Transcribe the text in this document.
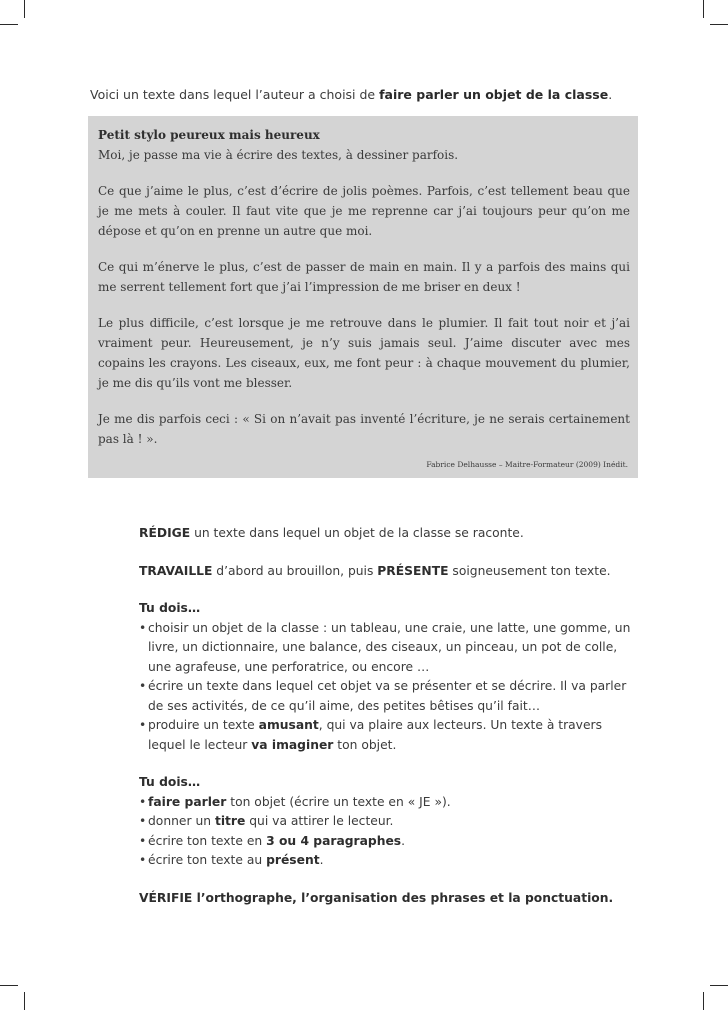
Voici un texte dans lequel l’auteur a choisi de faire parler un objet de la classe.

Petit stylo peureux mais heureux

Moi, je passe ma vie à écrire des textes, à dessiner parfois.

Ce que j’aime le plus, c’est d’écrire de jolis poèmes. Parfois, c’est tellement beau que je me mets à couler. Il faut vite que je me reprenne car j’ai toujours peur qu’on me dépose et qu’on en prenne un autre que moi.

Ce qui m’énerve le plus, c’est de passer de main en main. Il y a parfois des mains qui me serrent tellement fort que j’ai l’impression de me briser en deux !

Le plus difficile, c’est lorsque je me retrouve dans le plumier. Il fait tout noir et j’ai vraiment peur. Heureusement, je n’y suis jamais seul. J’aime discuter avec mes copains les crayons. Les ciseaux, eux, me font peur : à chaque mouvement du plumier, je me dis qu’ils vont me blesser.

Je me dis parfois ceci : « Si on n’avait pas inventé l’écriture, je ne serais certainement pas là ! ».

Fabrice Delhausse – Maitre-Formateur (2009) Inédit.

RÉDIGE un texte dans lequel un objet de la classe se raconte.

TRAVAILLE d’abord au brouillon, puis PRÉSENTE soigneusement ton texte.

Tu dois…

• choisir un objet de la classe : un tableau, une craie, une latte, une gomme, un livre, un dictionnaire, une balance, des ciseaux, un pinceau, un pot de colle, une agrafeuse, une perforatrice, ou encore …
• écrire un texte dans lequel cet objet va se présenter et se décrire. Il va parler de ses activités, de ce qu’il aime, des petites bêtises qu’il fait…
• produire un texte amusant, qui va plaire aux lecteurs. Un texte à travers lequel le lecteur va imaginer ton objet.

Tu dois…

• faire parler ton objet (écrire un texte en « JE »).
• donner un titre qui va attirer le lecteur.
• écrire ton texte en 3 ou 4 paragraphes.
• écrire ton texte au présent.

VÉRIFIE l’orthographe, l’organisation des phrases et la ponctuation.
